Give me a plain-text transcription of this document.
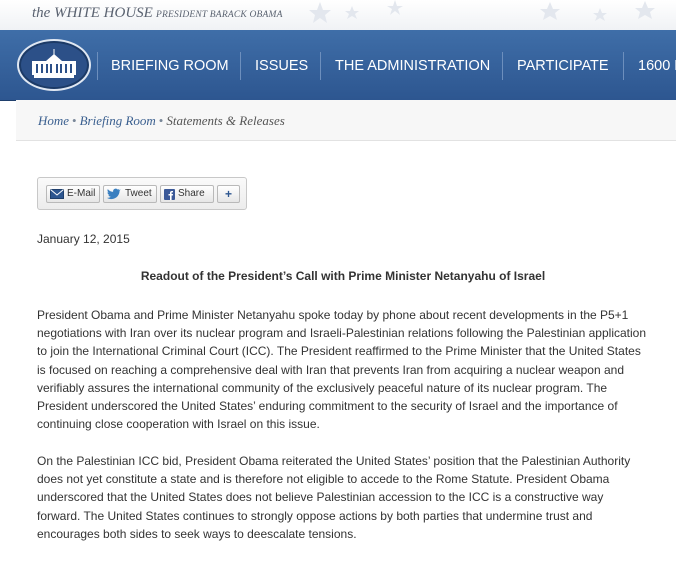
the WHITE HOUSE PRESIDENT BARACK OBAMA
BRIEFING ROOM ISSUES THE ADMINISTRATION PARTICIPATE 1600 P
Home • Briefing Room • Statements & Releases
E-Mail	Tweet	Share	+
January 12, 2015
Readout of the President’s Call with Prime Minister Netanyahu of Israel

President Obama and Prime Minister Netanyahu spoke today by phone about recent developments in the P5+1 negotiations with Iran over its nuclear program and Israeli-Palestinian relations following the Palestinian application to join the International Criminal Court (ICC). The President reaffirmed to the Prime Minister that the United States is focused on reaching a comprehensive deal with Iran that prevents Iran from acquiring a nuclear weapon and verifiably assures the international community of the exclusively peaceful nature of its nuclear program. The President underscored the United States’ enduring commitment to the security of Israel and the importance of continuing close cooperation with Israel on this issue.

On the Palestinian ICC bid, President Obama reiterated the United States’ position that the Palestinian Authority does not yet constitute a state and is therefore not eligible to accede to the Rome Statute. President Obama underscored that the United States does not believe Palestinian accession to the ICC is a constructive way forward. The United States continues to strongly oppose actions by both parties that undermine trust and encourages both sides to seek ways to deescalate tensions.
